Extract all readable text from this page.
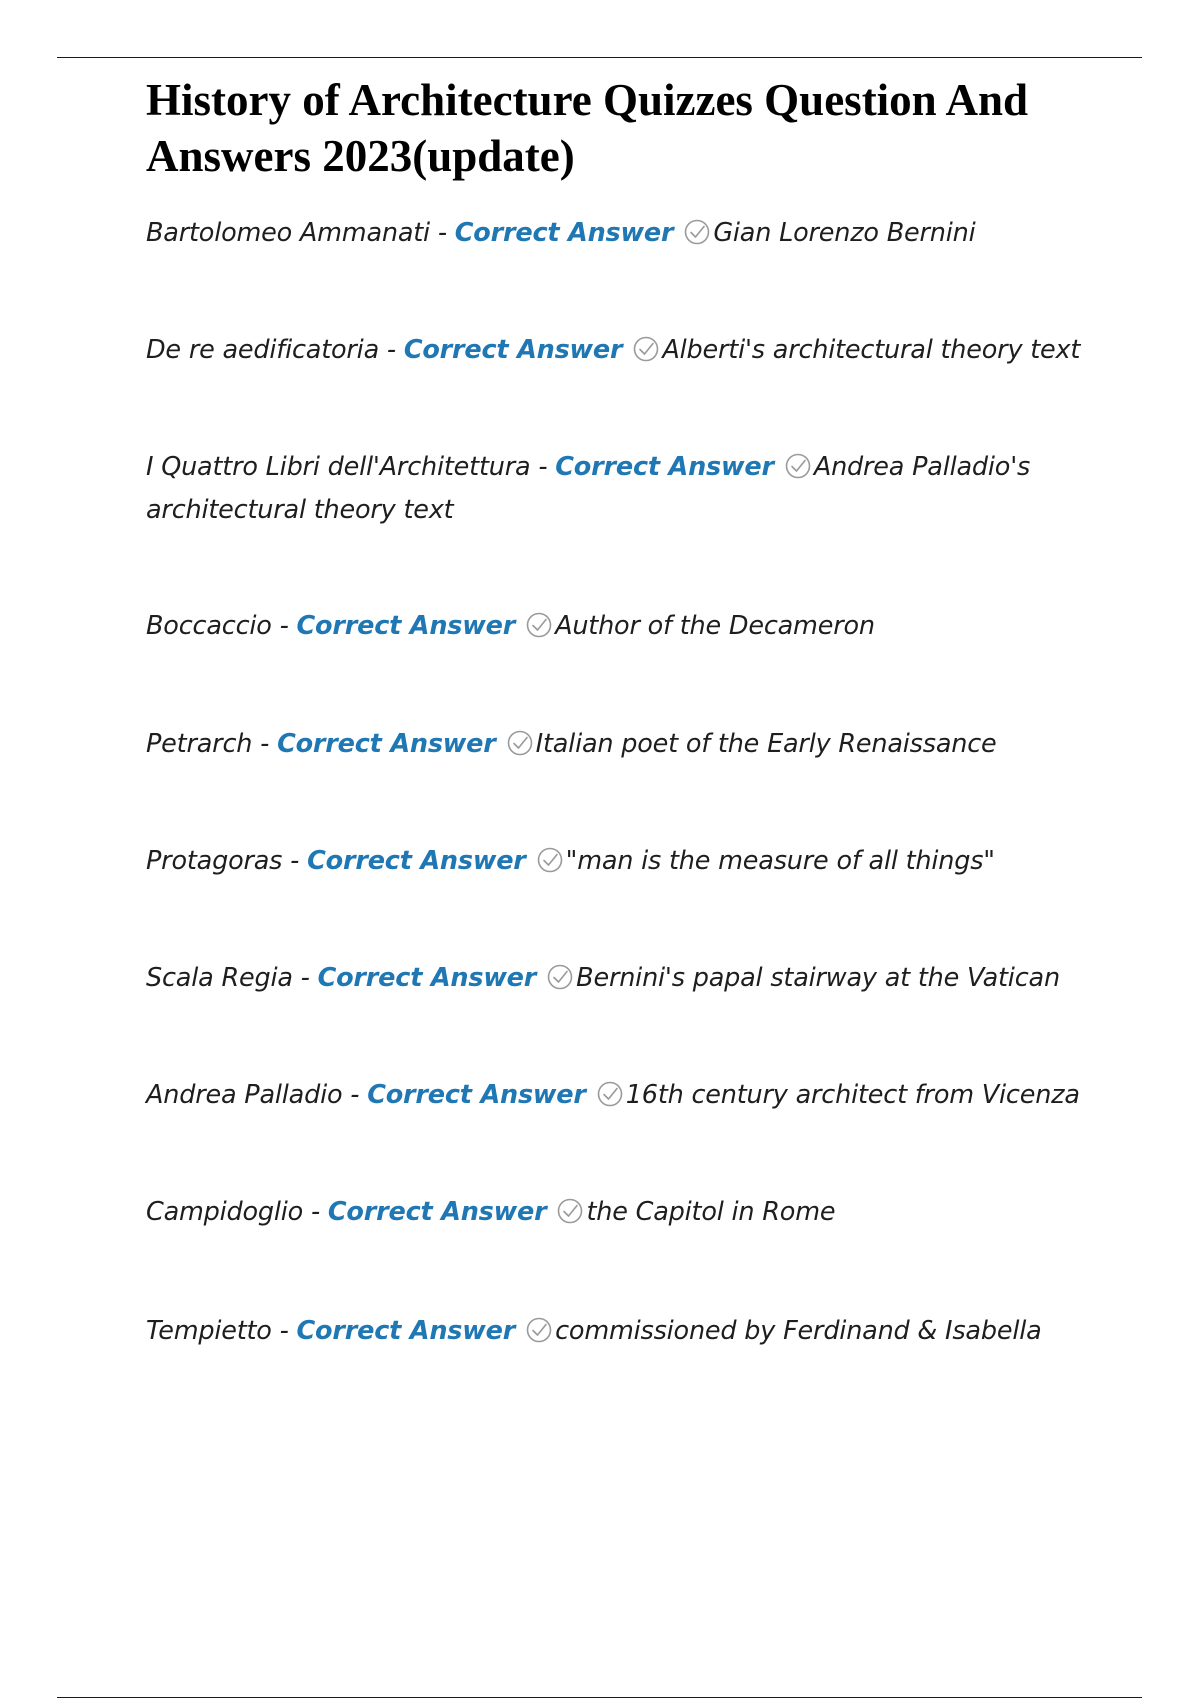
History of Architecture Quizzes Question And Answers 2023(update)
Bartolomeo Ammanati - Correct Answer Gian Lorenzo Bernini
De re aedificatoria - Correct Answer Alberti's architectural theory text
I Quattro Libri dell'Architettura - Correct Answer Andrea Palladio's architectural theory text
Boccaccio - Correct Answer Author of the Decameron
Petrarch - Correct Answer Italian poet of the Early Renaissance
Protagoras - Correct Answer "man is the measure of all things"
Scala Regia - Correct Answer Bernini's papal stairway at the Vatican
Andrea Palladio - Correct Answer 16th century architect from Vicenza
Campidoglio - Correct Answer the Capitol in Rome
Tempietto - Correct Answer commissioned by Ferdinand & Isabella
